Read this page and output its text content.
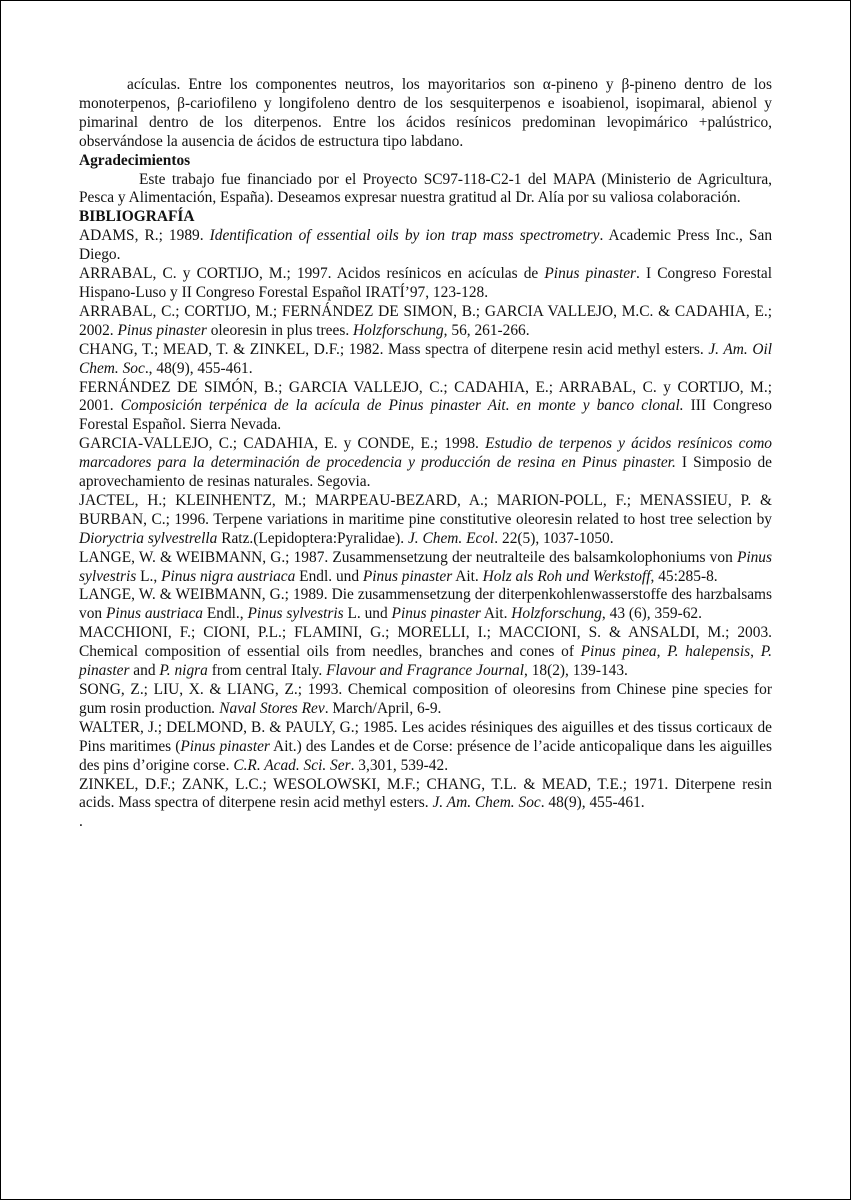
acículas. Entre los componentes neutros, los mayoritarios son α-pineno y β-pineno dentro de los monoterpenos, β-cariofileno y longifoleno dentro de los sesquiterpenos e isoabienol, isopimaral, abienol y pimarinal dentro de los diterpenos. Entre los ácidos resínicos predominan levopimárico +palústrico, observándose la ausencia de ácidos de estructura tipo labdano.

Agradecimientos

Este trabajo fue financiado por el Proyecto SC97-118-C2-1 del MAPA (Ministerio de Agricultura, Pesca y Alimentación, España). Deseamos expresar nuestra gratitud al Dr. Alía por su valiosa colaboración.

BIBLIOGRAFÍA

ADAMS, R.; 1989. Identification of essential oils by ion trap mass spectrometry. Academic Press Inc., San Diego.

ARRABAL, C. y CORTIJO, M.; 1997. Acidos resínicos en acículas de Pinus pinaster. I Congreso Forestal Hispano-Luso y II Congreso Forestal Español IRATÍ’97, 123-128.

ARRABAL, C.; CORTIJO, M.; FERNÁNDEZ DE SIMON, B.; GARCIA VALLEJO, M.C. & CADAHIA, E.; 2002. Pinus pinaster oleoresin in plus trees. Holzforschung, 56, 261-266.

CHANG, T.; MEAD, T. & ZINKEL, D.F.; 1982. Mass spectra of diterpene resin acid methyl esters. J. Am. Oil Chem. Soc., 48(9), 455-461.

FERNÁNDEZ DE SIMÓN, B.; GARCIA VALLEJO, C.; CADAHIA, E.; ARRABAL, C. y CORTIJO, M.; 2001. Composición terpénica de la acícula de Pinus pinaster Ait. en monte y banco clonal. III Congreso Forestal Español. Sierra Nevada.

GARCIA-VALLEJO, C.; CADAHIA, E. y CONDE, E.; 1998. Estudio de terpenos y ácidos resínicos como marcadores para la determinación de procedencia y producción de resina en Pinus pinaster. I Simposio de aprovechamiento de resinas naturales. Segovia.

JACTEL, H.; KLEINHENTZ, M.; MARPEAU-BEZARD, A.; MARION-POLL, F.; MENASSIEU, P. & BURBAN, C.; 1996. Terpene variations in maritime pine constitutive oleoresin related to host tree selection by Dioryctria sylvestrella Ratz.(Lepidoptera:Pyralidae). J. Chem. Ecol. 22(5), 1037-1050.

LANGE, W. & WEIBMANN, G.; 1987. Zusammensetzung der neutralteile des balsamkolophoniums von Pinus sylvestris L., Pinus nigra austriaca Endl. und Pinus pinaster Ait. Holz als Roh und Werkstoff, 45:285-8.

LANGE, W. & WEIBMANN, G.; 1989. Die zusammensetzung der diterpenkohlenwasserstoffe des harzbalsams von Pinus austriaca Endl., Pinus sylvestris L. und Pinus pinaster Ait. Holzforschung, 43 (6), 359-62.

MACCHIONI, F.; CIONI, P.L.; FLAMINI, G.; MORELLI, I.; MACCIONI, S. & ANSALDI, M.; 2003. Chemical composition of essential oils from needles, branches and cones of Pinus pinea, P. halepensis, P. pinaster and P. nigra from central Italy. Flavour and Fragrance Journal, 18(2), 139-143.

SONG, Z.; LIU, X. & LIANG, Z.; 1993. Chemical composition of oleoresins from Chinese pine species for gum rosin production. Naval Stores Rev. March/April, 6-9.

WALTER, J.; DELMOND, B. & PAULY, G.; 1985. Les acides résiniques des aiguilles et des tissus corticaux de Pins maritimes (Pinus pinaster Ait.) des Landes et de Corse: présence de l’acide anticopalique dans les aiguilles des pins d’origine corse. C.R. Acad. Sci. Ser. 3,301, 539-42.

ZINKEL, D.F.; ZANK, L.C.; WESOLOWSKI, M.F.; CHANG, T.L. & MEAD, T.E.; 1971. Diterpene resin acids. Mass spectra of diterpene resin acid methyl esters. J. Am. Chem. Soc. 48(9), 455-461.

.
